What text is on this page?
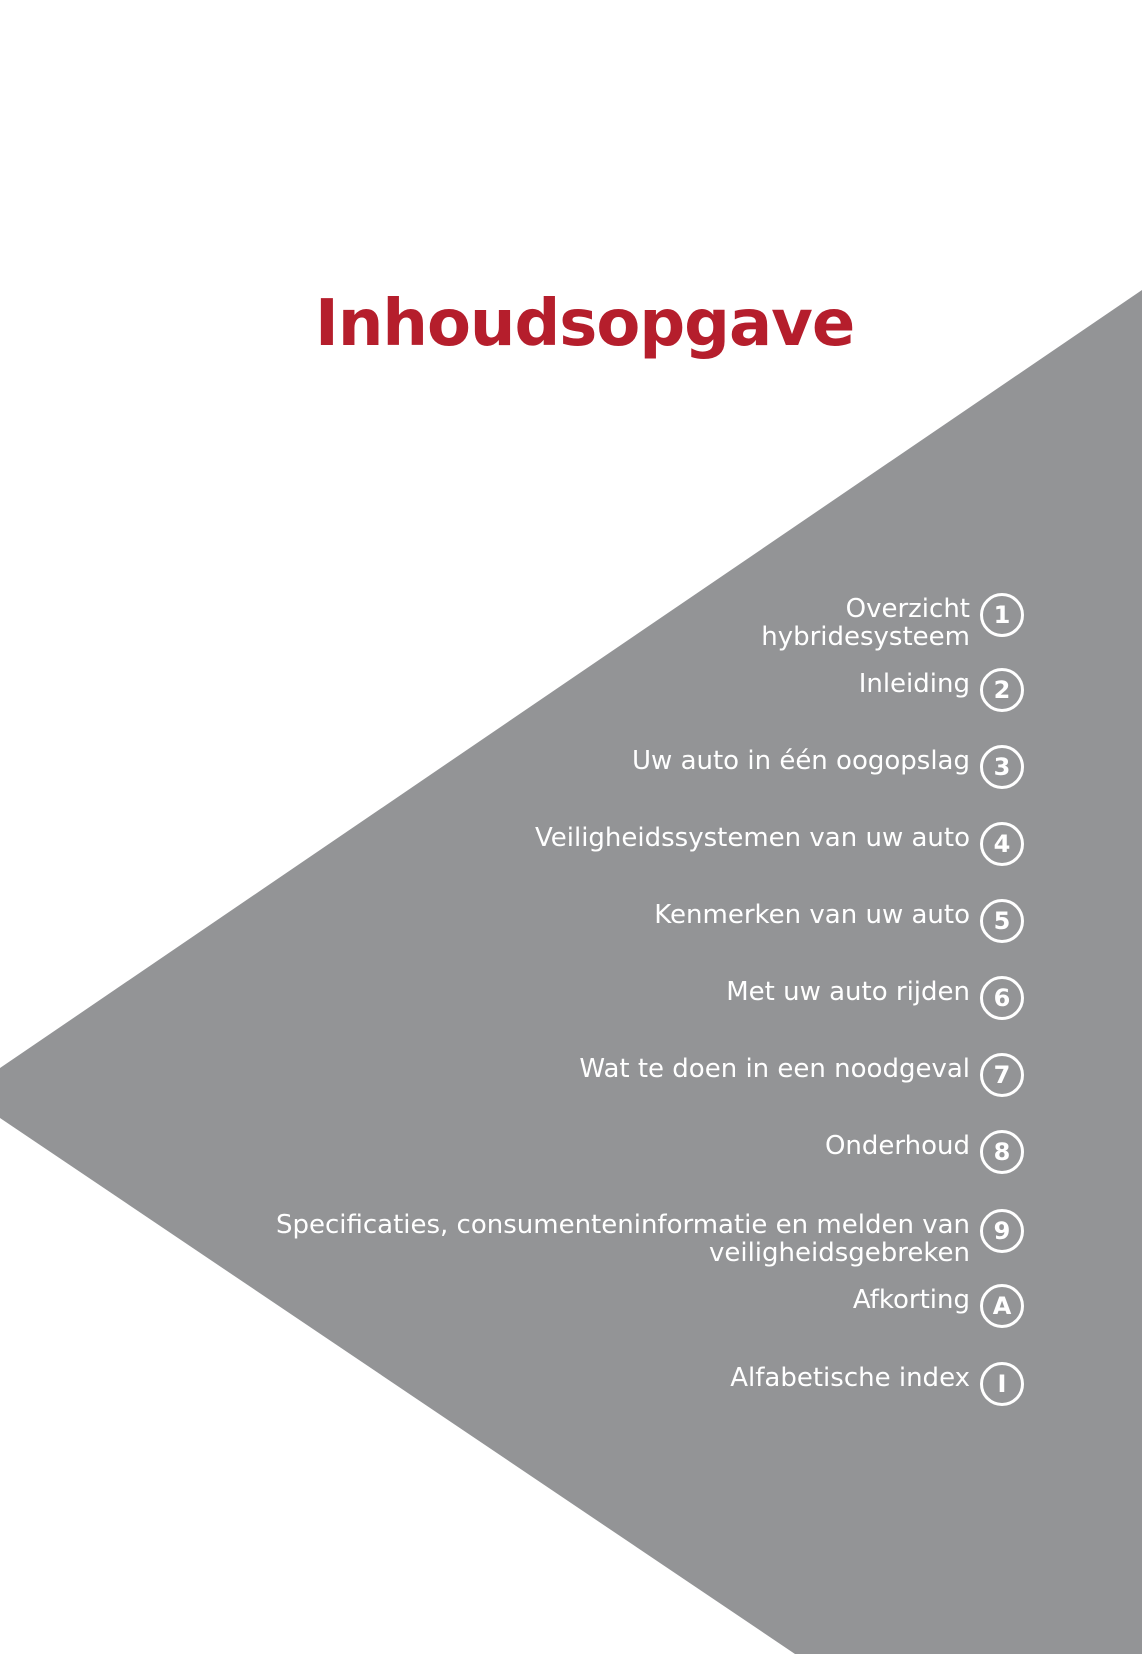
Inhoudsopgave
Overzicht
hybridesysteem
1
Inleiding 2
Uw auto in één oogopslag 3
Veiligheidssystemen van uw auto 4
Kenmerken van uw auto 5
Met uw auto rijden 6
Wat te doen in een noodgeval 7
Onderhoud 8
Specificaties, consumenteninformatie en melden van
veiligheidsgebreken
9
Afkorting A
Alfabetische index	I
